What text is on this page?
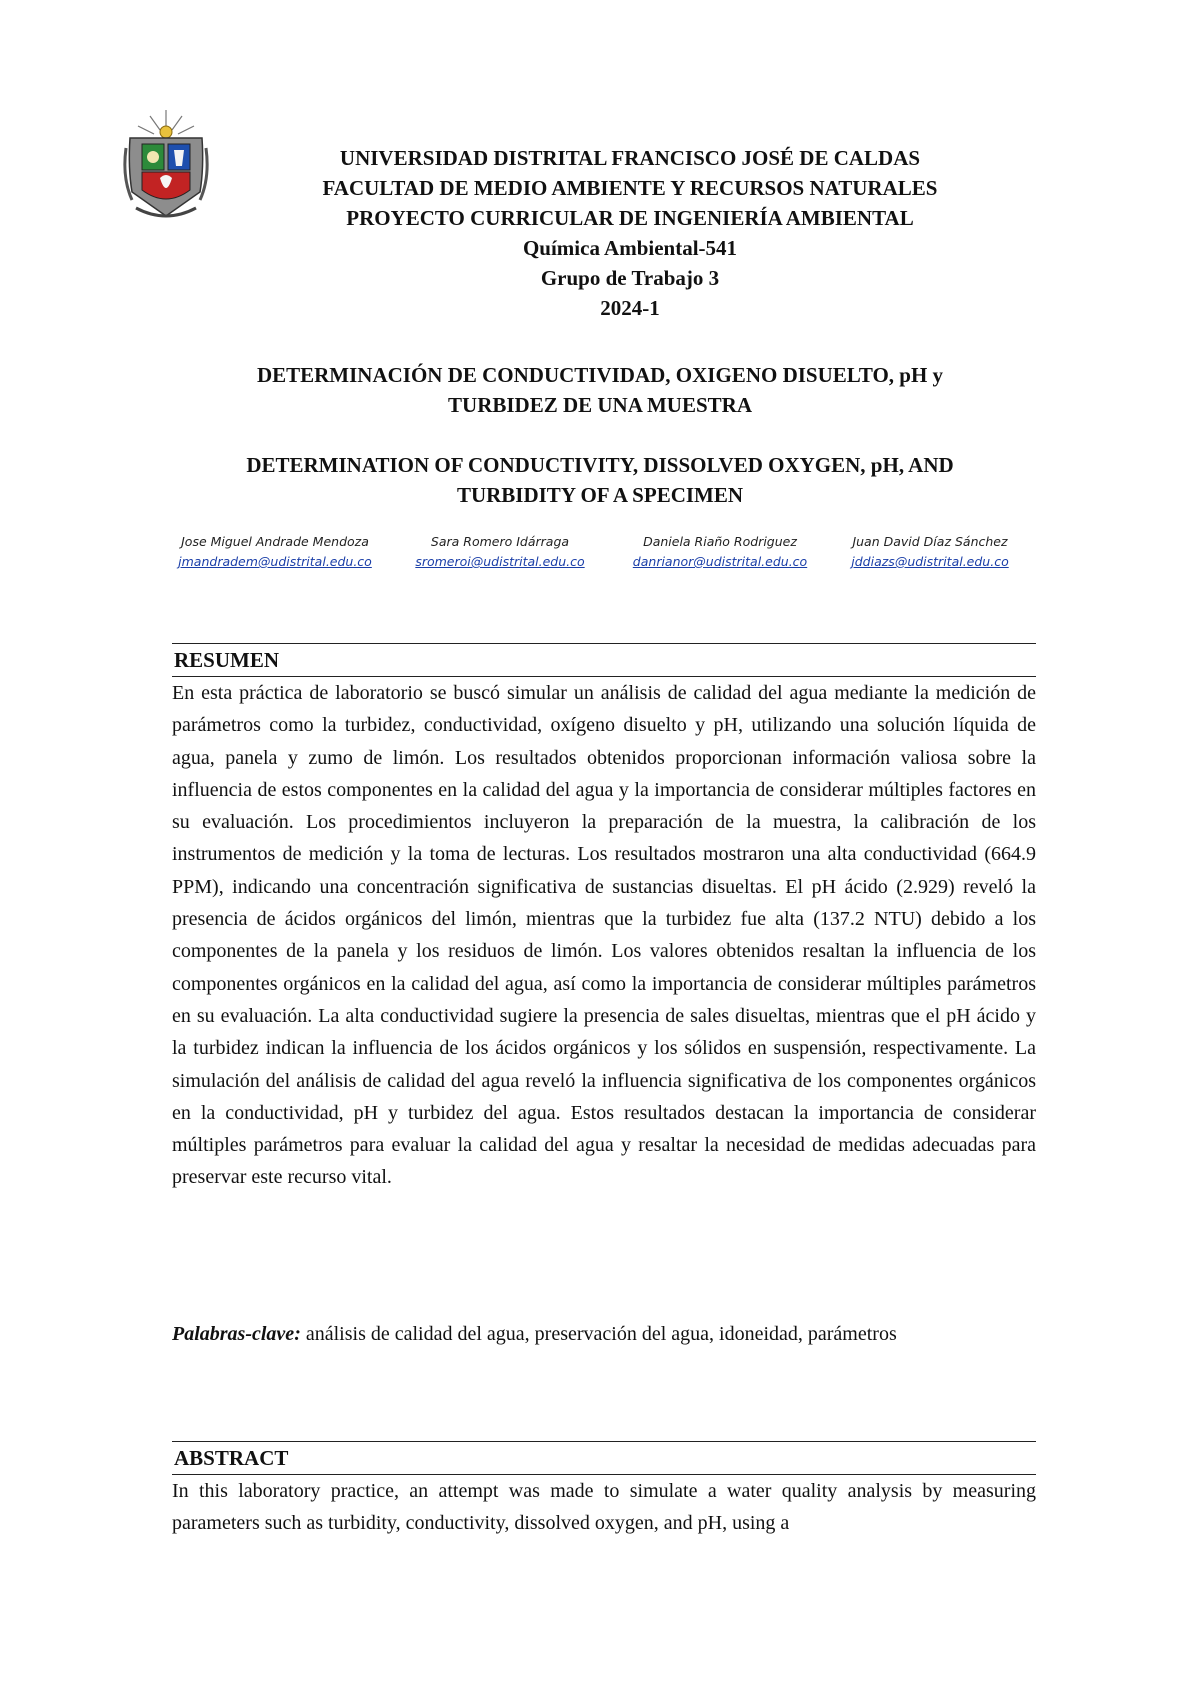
UNIVERSIDAD DISTRITAL FRANCISCO JOSÉ DE CALDAS
FACULTAD DE MEDIO AMBIENTE Y RECURSOS NATURALES
PROYECTO CURRICULAR DE INGENIERÍA AMBIENTAL
Química Ambiental-541
Grupo de Trabajo 3
2024-1
DETERMINACIÓN DE CONDUCTIVIDAD, OXIGENO DISUELTO, pH y
TURBIDEZ DE UNA MUESTRA
DETERMINATION OF CONDUCTIVITY, DISSOLVED OXYGEN, pH, AND
TURBIDITY OF A SPECIMEN
Jose Miguel Andrade Mendoza
jmandradem@udistrital.edu.co
Sara Romero Idárraga
sromeroi@udistrital.edu.co
Daniela Riaño Rodriguez
danrianor@udistrital.edu.co
Juan David Díaz Sánchez
jddiazs@udistrital.edu.co
RESUMEN

En esta práctica de laboratorio se buscó simular un análisis de calidad del agua mediante la medición de parámetros como la turbidez, conductividad, oxígeno disuelto y pH, utilizando una solución líquida de agua, panela y zumo de limón. Los resultados obtenidos proporcionan información valiosa sobre la influencia de estos componentes en la calidad del agua y la importancia de considerar múltiples factores en su evaluación. Los procedimientos incluyeron la preparación de la muestra, la calibración de los instrumentos de medición y la toma de lecturas. Los resultados mostraron una alta conductividad (664.9 PPM), indicando una concentración significativa de sustancias disueltas. El pH ácido (2.929) reveló la presencia de ácidos orgánicos del limón, mientras que la turbidez fue alta (137.2 NTU) debido a los componentes de la panela y los residuos de limón. Los valores obtenidos resaltan la influencia de los componentes orgánicos en la calidad del agua, así como la importancia de considerar múltiples parámetros en su evaluación. La alta conductividad sugiere la presencia de sales disueltas, mientras que el pH ácido y la turbidez indican la influencia de los ácidos orgánicos y los sólidos en suspensión, respectivamente. La simulación del análisis de calidad del agua reveló la influencia significativa de los componentes orgánicos en la conductividad, pH y turbidez del agua. Estos resultados destacan la importancia de considerar múltiples parámetros para evaluar la calidad del agua y resaltar la necesidad de medidas adecuadas para preservar este recurso vital.

Palabras-clave: análisis de calidad del agua, preservación del agua, idoneidad, parámetros
ABSTRACT

In this laboratory practice, an attempt was made to simulate a water quality analysis by measuring parameters such as turbidity, conductivity, dissolved oxygen, and pH, using a
